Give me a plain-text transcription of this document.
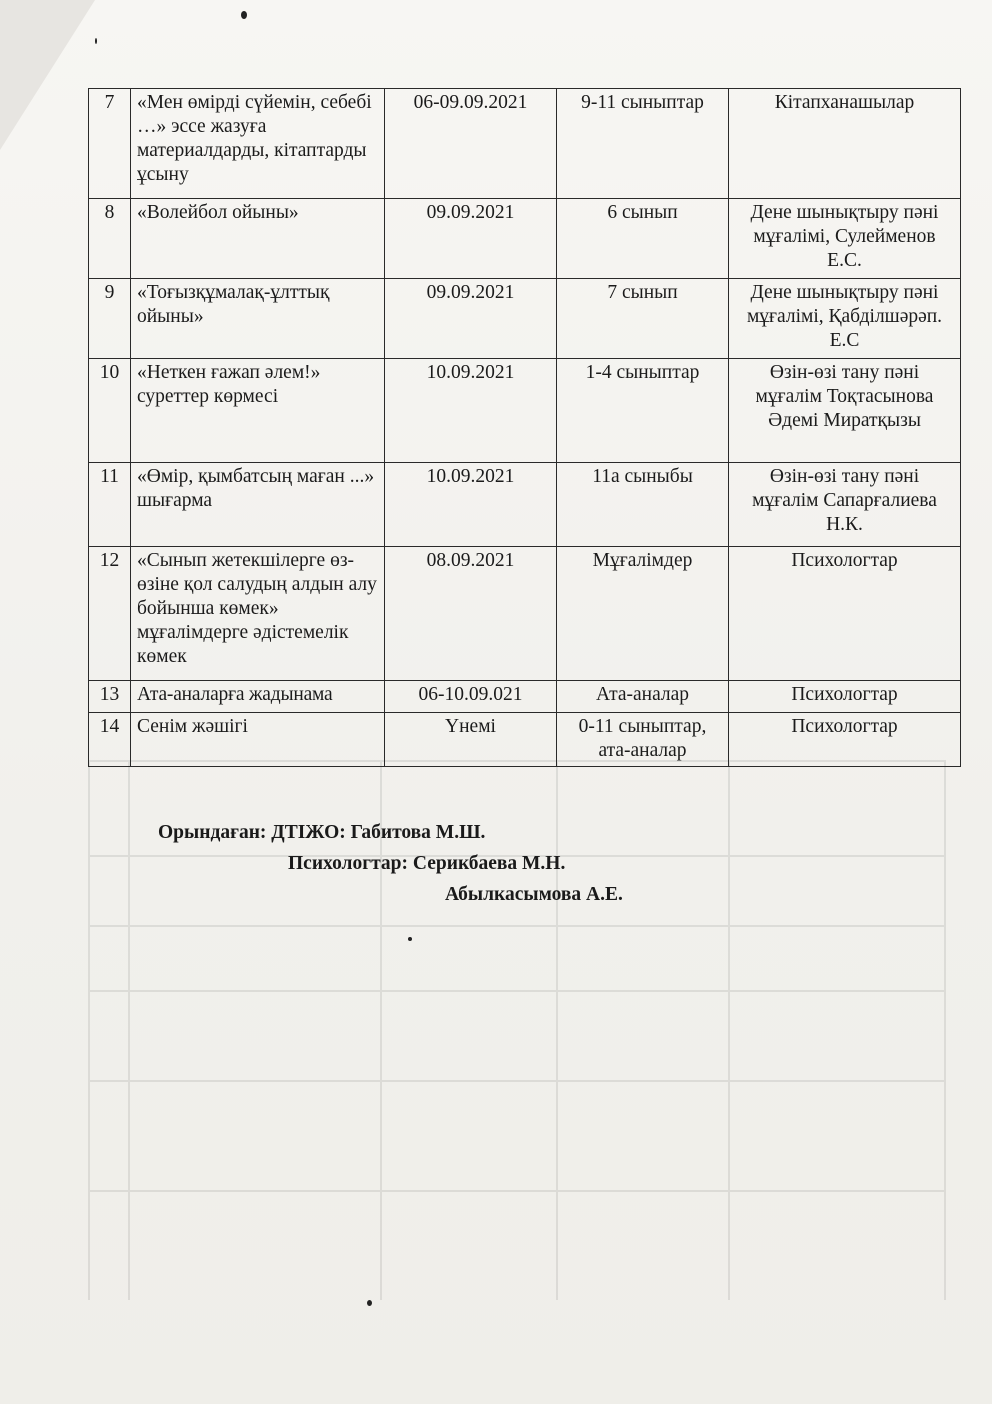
7	«Мен өмірді сүйемін, себебі …» эссе жазуға материалдарды, кітаптарды ұсыну	06-09.09.2021	9-11 сыныптар	Кітапханашылар
8	«Волейбол ойыны»	09.09.2021	6 сынып	Дене шынықтыру пәні мұғалімі, Сулейменов Е.С.
9	«Тоғызқұмалақ-ұлттық ойыны»	09.09.2021	7 сынып	Дене шынықтыру пәні мұғалімі, Қабділшәрәп. Е.С
10	«Неткен ғажап әлем!» суреттер көрмесі	10.09.2021	1-4 сыныптар	Өзін-өзі тану пәні мұғалім Тоқтасынова Әдемі Миратқызы
11	«Өмір, қымбатсың маған ...» шығарма	10.09.2021	11а сыныбы	Өзін-өзі тану пәні мұғалім Сапарғалиева Н.К.
12	«Сынып жетекшілерге өз-өзіне қол салудың алдын алу бойынша көмек» мұғалімдерге әдістемелік көмек	08.09.2021	Мұғалімдер	Психологтар
13	Ата-аналарға жадынама	06-10.09.021	Ата-аналар	Психологтар
14	Сенім жәшігі	Үнемі	0-11 сыныптар, ата-аналар	Психологтар
Орындаған: ДТІЖО: Габитова М.Ш.
Психологтар: Серикбаева М.Н.
Абылкасымова А.Е.
